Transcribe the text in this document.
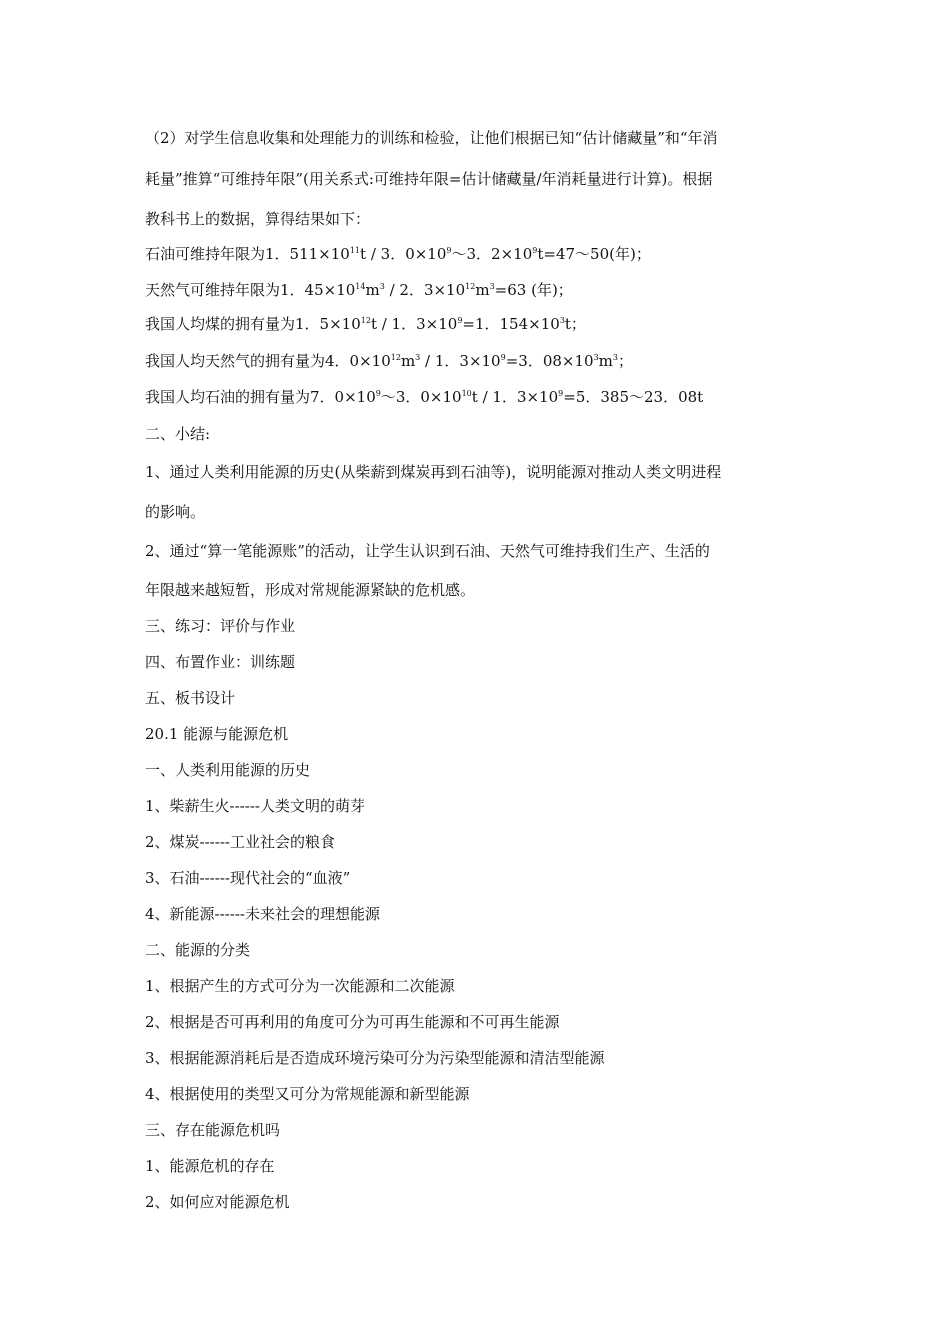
（2）对学生信息收集和处理能力的训练和检验，让他们根据已知“估计储藏量”和“年消
耗量”推算“可维持年限”(用关系式:可维持年限=估计储藏量/年消耗量进行计算)。根据
教科书上的数据，算得结果如下：
石油可维持年限为1．$511\times 10^{11}t / 3$．$0\times 10^9\sim 3$．$2\times 10^9t=47\sim 50$(年)；
天然气可维持年限为1．$45\times 10^{14}m^3 / 2$．$3\times 10^{12}m^3=63$ (年)；
我国人均煤的拥有量为1．$5\times 10^{12}t / 1$．$3\times 10^9=1$．$154\times 10^3t$；
我国人均天然气的拥有量为4．$0\times 10^{12}m^3 / 1$．$3\times 10^9=3$．$08\times 10^3m^3$；
我国人均石油的拥有量为7．$0\times 10^9\sim 3$．$0\times 10^{10}t / 1$．$3\times 10^9=5$．385～23．08t
二、小结:
1、通过人类利用能源的历史(从柴薪到煤炭再到石油等)，说明能源对推动人类文明进程
的影响。
2、通过“算一笔能源账”的活动，让学生认识到石油、天然气可维持我们生产、生活的
年限越来越短暂，形成对常规能源紧缺的危机感。
三、练习：评价与作业
四、布置作业：训练题
五、板书设计
20.1 能源与能源危机
一、人类利用能源的历史
1、柴薪生火------人类文明的萌芽
2、煤炭------工业社会的粮食
3、石油------现代社会的“血液”
4、新能源------未来社会的理想能源
二、能源的分类
1、根据产生的方式可分为一次能源和二次能源
2、根据是否可再利用的角度可分为可再生能源和不可再生能源
3、根据能源消耗后是否造成环境污染可分为污染型能源和清洁型能源
4、根据使用的类型又可分为常规能源和新型能源
三、存在能源危机吗
1、能源危机的存在
2、如何应对能源危机
